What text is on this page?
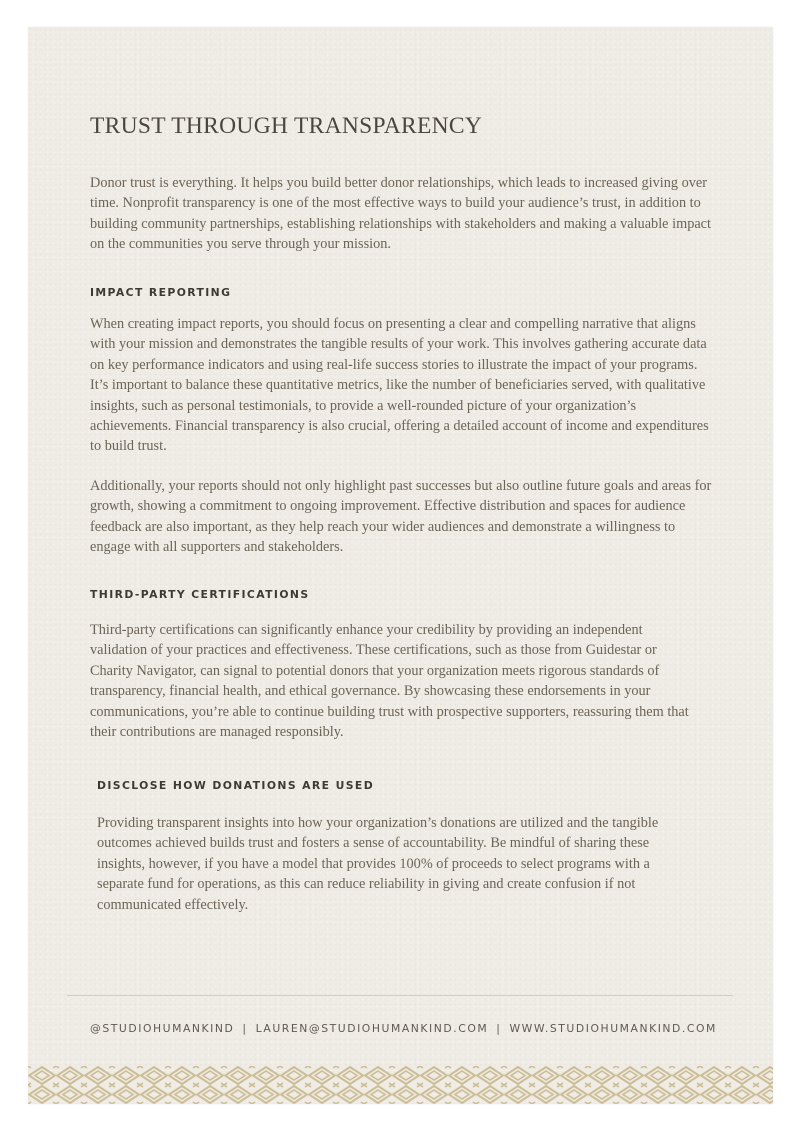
TRUST THROUGH TRANSPARENCY

Donor trust is everything. It helps you build better donor relationships, which leads to increased giving over time. Nonprofit transparency is one of the most effective ways to build your audience’s trust, in addition to building community partnerships, establishing relationships with stakeholders and making a valuable impact on the communities you serve through your mission.

IMPACT REPORTING

When creating impact reports, you should focus on presenting a clear and compelling narrative that aligns with your mission and demonstrates the tangible results of your work. This involves gathering accurate data on key performance indicators and using real-life success stories to illustrate the impact of your programs. It’s important to balance these quantitative metrics, like the number of beneficiaries served, with qualitative insights, such as personal testimonials, to provide a well-rounded picture of your organization’s achievements. Financial transparency is also crucial, offering a detailed account of income and expenditures to build trust.

Additionally, your reports should not only highlight past successes but also outline future goals and areas for growth, showing a commitment to ongoing improvement. Effective distribution and spaces for audience feedback are also important, as they help reach your wider audiences and demonstrate a willingness to engage with all supporters and stakeholders.

THIRD-PARTY CERTIFICATIONS

Third-party certifications can significantly enhance your credibility by providing an independent validation of your practices and effectiveness. These certifications, such as those from Guidestar or Charity Navigator, can signal to potential donors that your organization meets rigorous standards of transparency, financial health, and ethical governance. By showcasing these endorsements in your communications, you’re able to continue building trust with prospective supporters, reassuring them that their contributions are managed responsibly.

DISCLOSE HOW DONATIONS ARE USED

Providing transparent insights into how your organization’s donations are utilized and the tangible outcomes achieved builds trust and fosters a sense of accountability. Be mindful of sharing these insights, however, if you have a model that provides 100% of proceeds to select programs with a separate fund for operations, as this can reduce reliability in giving and create confusion if not communicated effectively.

@STUDIOHUMANKIND | LAUREN@STUDIOHUMANKIND.COM | WWW.STUDIOHUMANKIND.COM
